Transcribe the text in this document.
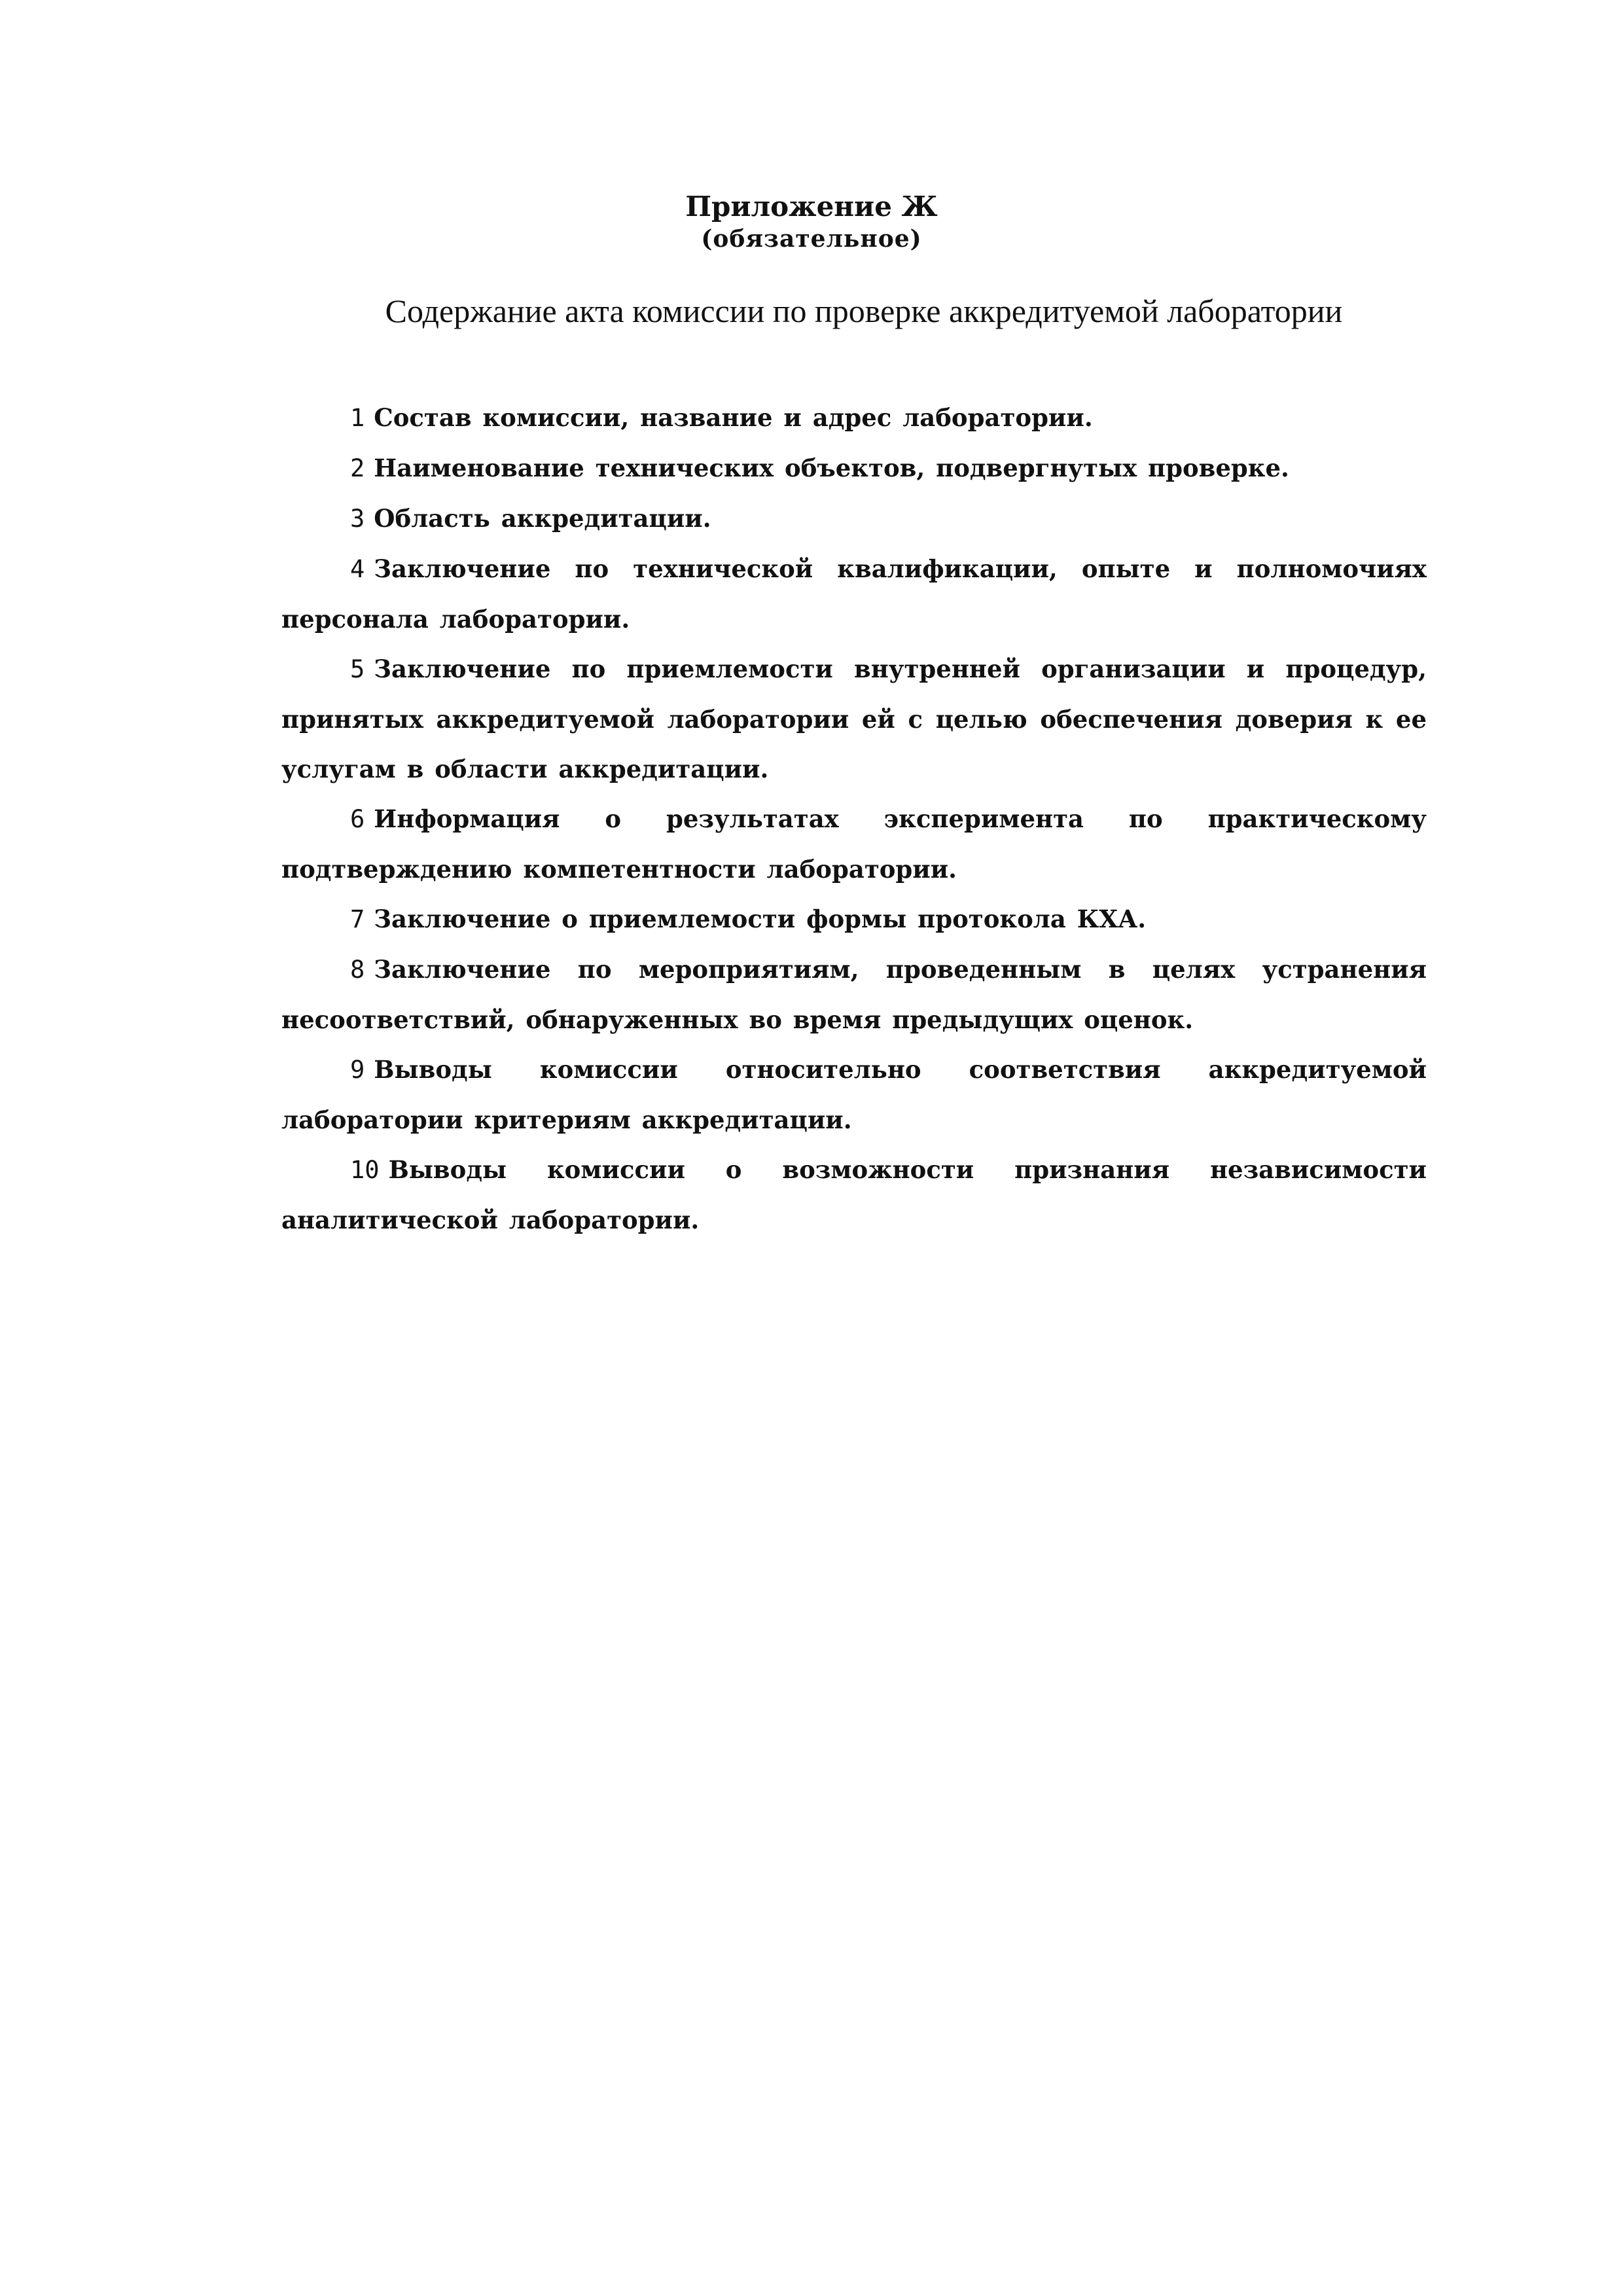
Приложение Ж
(обязательное)
Содержание акта комиссии по проверке аккредитуемой лаборатории
1 Состав комиссии, название и адрес лаборатории.
2 Наименование технических объектов, подвергнутых проверке.
3 Область аккредитации.
4 Заключение по технической квалификации, опыте и полномочиях персонала лаборатории.
5 Заключение по приемлемости внутренней организации и процедур, принятых аккредитуемой лаборатории ей с целью обеспечения доверия к ее услугам в области аккредитации.
6 Информация о результатах эксперимента по практическому подтверждению компетентности лаборатории.
7 Заключение о приемлемости формы протокола КХА.
8 Заключение по мероприятиям, проведенным в целях устранения несоответствий, обнаруженных во время предыдущих оценок.
9 Выводы комиссии относительно соответствия аккредитуемой лаборатории критериям аккредитации.
10 Выводы комиссии о возможности признания независимости аналитической лаборатории.
